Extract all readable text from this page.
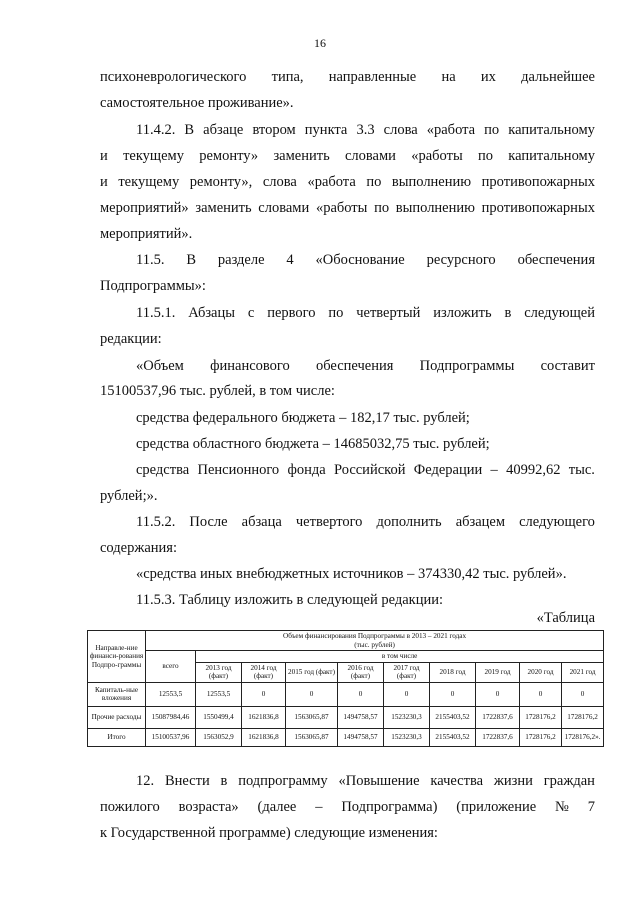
16
психоневрологического типа, направленные на их дальнейшее
самостоятельное проживание».
11.4.2. В абзаце втором пункта 3.3 слова «работа по капитальному
и текущему ремонту» заменить словами «работы по капитальному
и текущему ремонту», слова «работа по выполнению противопожарных
мероприятий» заменить словами «работы по выполнению противопожарных
мероприятий».
11.5. В разделе 4 «Обоснование ресурсного обеспечения
Подпрограммы»:
11.5.1. Абзацы с первого по четвертый изложить в следующей
редакции:
«Объем финансового обеспечения Подпрограммы составит
15100537,96 тыс. рублей, в том числе:
средства федерального бюджета – 182,17 тыс. рублей;
средства областного бюджета – 14685032,75 тыс. рублей;
средства Пенсионного фонда Российской Федерации – 40992,62 тыс.
рублей;».
11.5.2. После абзаца четвертого дополнить абзацем следующего
содержания:
«средства иных внебюджетных источников – 374330,42 тыс. рублей».
11.5.3. Таблицу изложить в следующей редакции:
«Таблица
Направле-ние финанси-рования Подпро-граммы	Объем финансирования Подпрограммы в 2013 – 2021 годах
(тыс. рублей)									

	всего	в том числе								
		2013 год (факт)	2014 год (факт)	2015 год (факт)	2016 год (факт)	2017 год (факт)	2018 год	2019 год	2020 год	2021 год
Капиталь-ные вложения	12553,5	12553,5	0	0	0	0	0	0	0	0
Прочие расходы	15087984,46	1550499,4	1621836,8	1563065,87	1494758,57	1523230,3	2155403,52	1722837,6	1728176,2	1728176,2
Итого	15100537,96	1563052,9	1621836,8	1563065,87	1494758,57	1523230,3	2155403,52	1722837,6	1728176,2	1728176,2».
12. Внести в подпрограмму «Повышение качества жизни граждан
пожилого возраста» (далее – Подпрограмма) (приложение № 7
к Государственной программе) следующие изменения:
